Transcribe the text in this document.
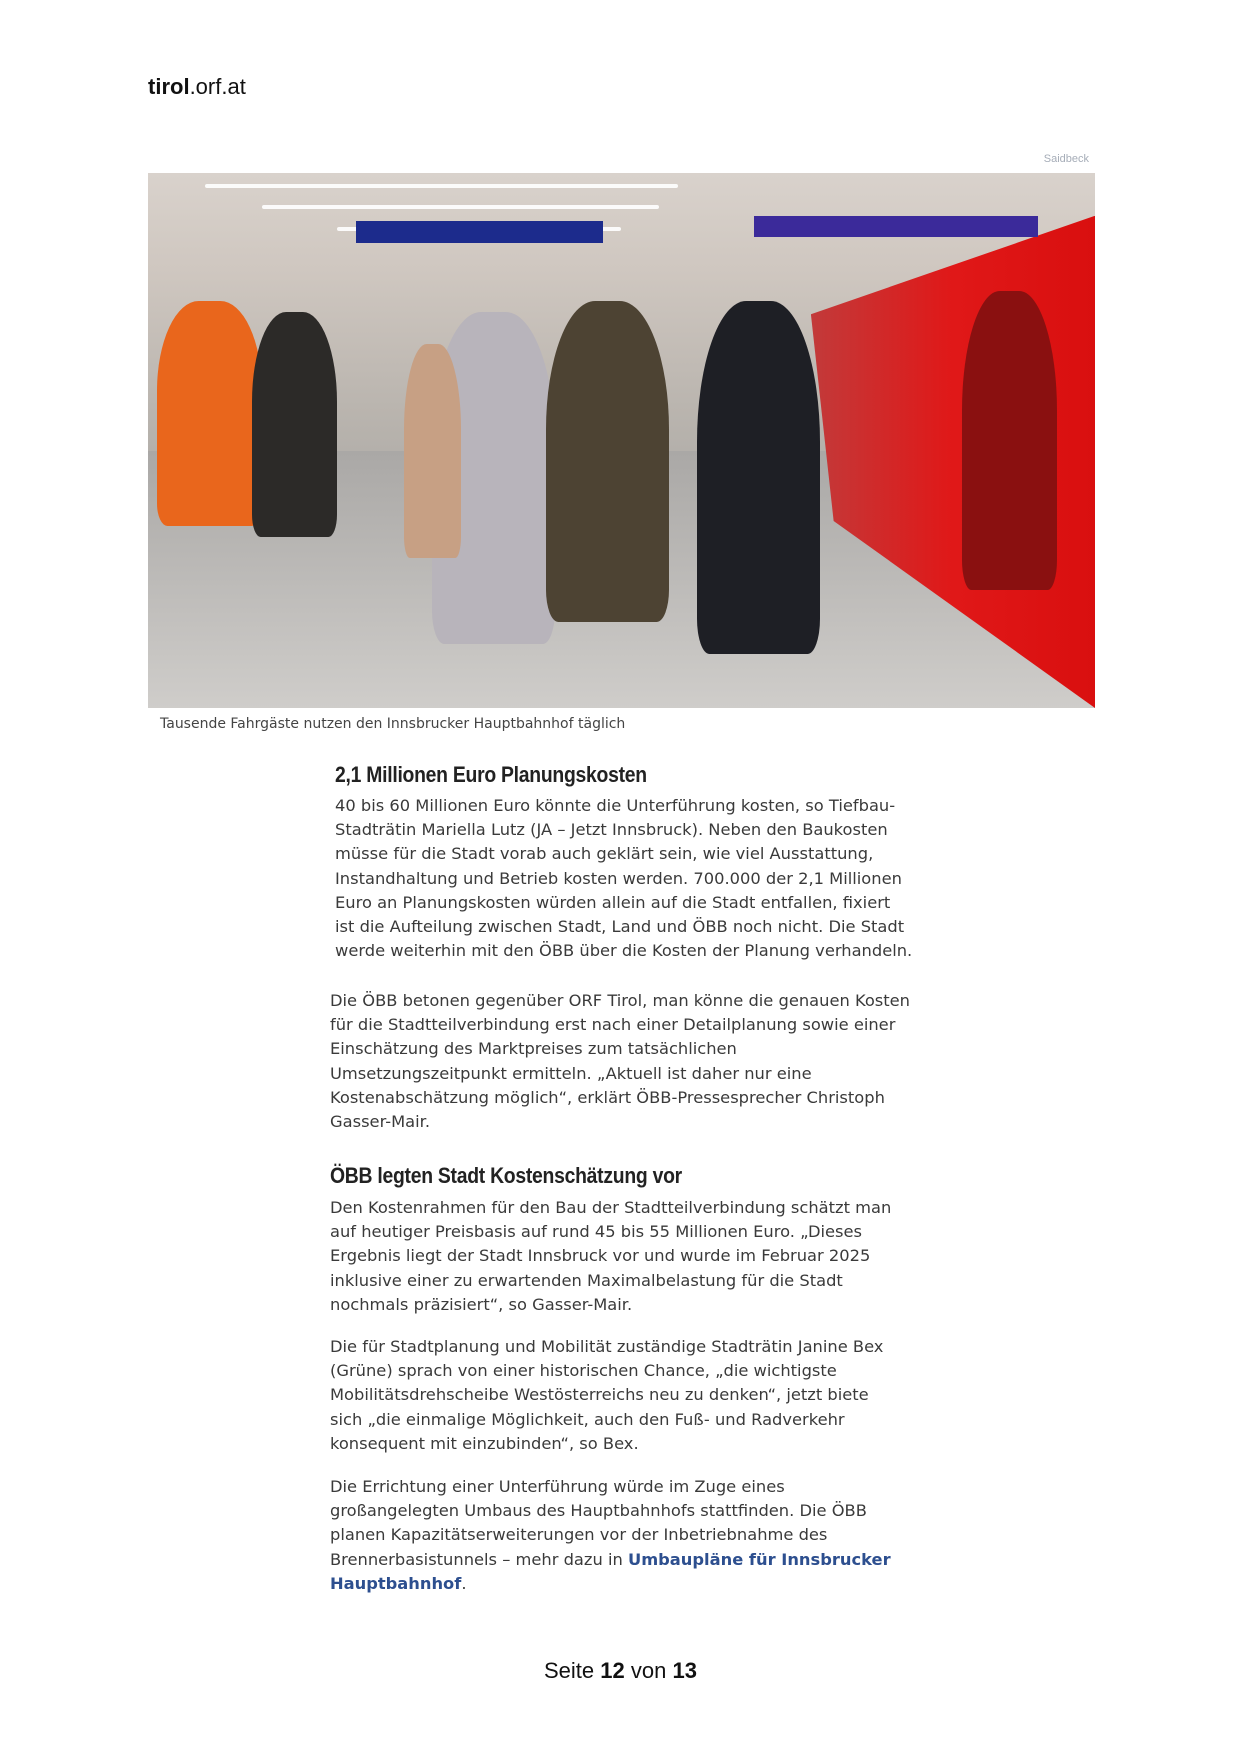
tirol.orf.at
Saidbeck
Tausende Fahrgäste nutzen den Innsbrucker Hauptbahnhof täglich
2,1 Millionen Euro Planungskosten
40 bis 60 Millionen Euro könnte die Unterführung kosten, so Tiefbau-
Stadträtin Mariella Lutz (JA – Jetzt Innsbruck). Neben den Baukosten
müsse für die Stadt vorab auch geklärt sein, wie viel Ausstattung,
Instandhaltung und Betrieb kosten werden. 700.000 der 2,1 Millionen
Euro an Planungskosten würden allein auf die Stadt entfallen, fixiert
ist die Aufteilung zwischen Stadt, Land und ÖBB noch nicht. Die Stadt
werde weiterhin mit den ÖBB über die Kosten der Planung verhandeln.
Die ÖBB betonen gegenüber ORF Tirol, man könne die genauen Kosten
für die Stadtteilverbindung erst nach einer Detailplanung sowie einer
Einschätzung des Marktpreises zum tatsächlichen
Umsetzungszeitpunkt ermitteln. „Aktuell ist daher nur eine
Kostenabschätzung möglich“, erklärt ÖBB-Pressesprecher Christoph
Gasser-Mair.
ÖBB legten Stadt Kostenschätzung vor
Den Kostenrahmen für den Bau der Stadtteilverbindung schätzt man
auf heutiger Preisbasis auf rund 45 bis 55 Millionen Euro. „Dieses
Ergebnis liegt der Stadt Innsbruck vor und wurde im Februar 2025
inklusive einer zu erwartenden Maximalbelastung für die Stadt
nochmals präzisiert“, so Gasser-Mair.
Die für Stadtplanung und Mobilität zuständige Stadträtin Janine Bex
(Grüne) sprach von einer historischen Chance, „die wichtigste
Mobilitätsdrehscheibe Westösterreichs neu zu denken“, jetzt biete
sich „die einmalige Möglichkeit, auch den Fuß- und Radverkehr
konsequent mit einzubinden“, so Bex.
Die Errichtung einer Unterführung würde im Zuge eines
großangelegten Umbaus des Hauptbahnhofs stattfinden. Die ÖBB
planen Kapazitätserweiterungen vor der Inbetriebnahme des
Brennerbasistunnels – mehr dazu in Umbaupläne für Innsbrucker
Hauptbahnhof.
Seite 12 von 13
